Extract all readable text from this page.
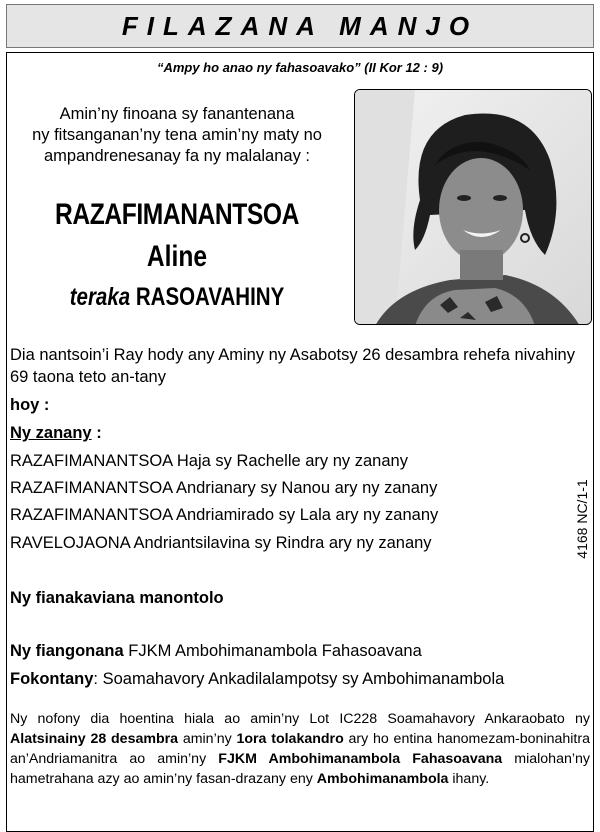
FILAZANA MANJO
“Ampy ho anao ny fahasoavako” (II Kor 12 : 9)
Amin’ny finoana sy fanantenana
ny fitsanganan’ny tena amin’ny maty no
ampandrenesanay fa ny malalanay :
RAZAFIMANANTSOA
Aline
teraka RASOAVAHINY
Dia nantsoin’i Ray hody any Aminy ny Asabotsy 26 desambra rehefa nivahiny 69 taona teto an-tany
hoy :
Ny zanany :
RAZAFIMANANTSOA Haja sy Rachelle ary ny zanany
RAZAFIMANANTSOA Andrianary sy Nanou ary ny zanany
RAZAFIMANANTSOA Andriamirado sy Lala ary ny zanany
RAVELOJAONA Andriantsilavina sy Rindra ary ny zanany
Ny fianakaviana manontolo
Ny fiangonana FJKM Ambohimanambola Fahasoavana
Fokontany: Soamahavory Ankadilalampotsy sy Ambohimanambola
Ny nofony dia hoentina hiala ao amin’ny Lot IC228 Soamahavory Ankaraobato ny Alatsinainy 28 desambra amin’ny 1ora tolakandro ary ho entina hanomezam-boninahitra an’Andriamanitra ao amin’ny FJKM Ambohimanambola Fahasoavana mialohan’ny hametrahana azy ao amin’ny fasan-drazany eny Ambohimanambola ihany.
4168 NC/1-1
